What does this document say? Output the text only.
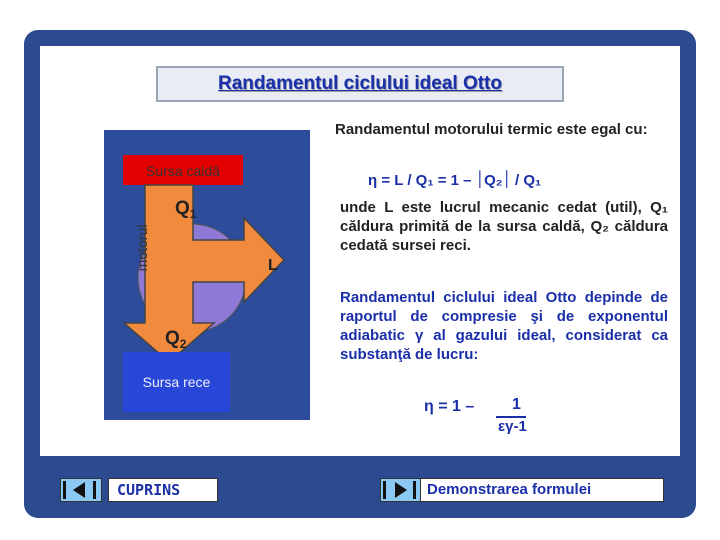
Randamentul ciclului ideal Otto
Sursa caldă
motorul
$Q_1$
$Q_2$
L
Sursa rece
Randamentul motorului termic este egal cu:
η = L / Q₁ = 1 – ׀Q₂׀ / Q₁
unde L este lucrul mecanic cedat (util), Q₁ căldura primită de la sursa caldă, Q₂ căldura cedată sursei reci.
Randamentul ciclului ideal Otto depinde de raportul de compresie şi de exponentul adiabatic γ al gazului ideal, considerat ca substanţă de lucru:
η = 1 – 1
εγ-1
CUPRINS	Demonstrarea formulei
